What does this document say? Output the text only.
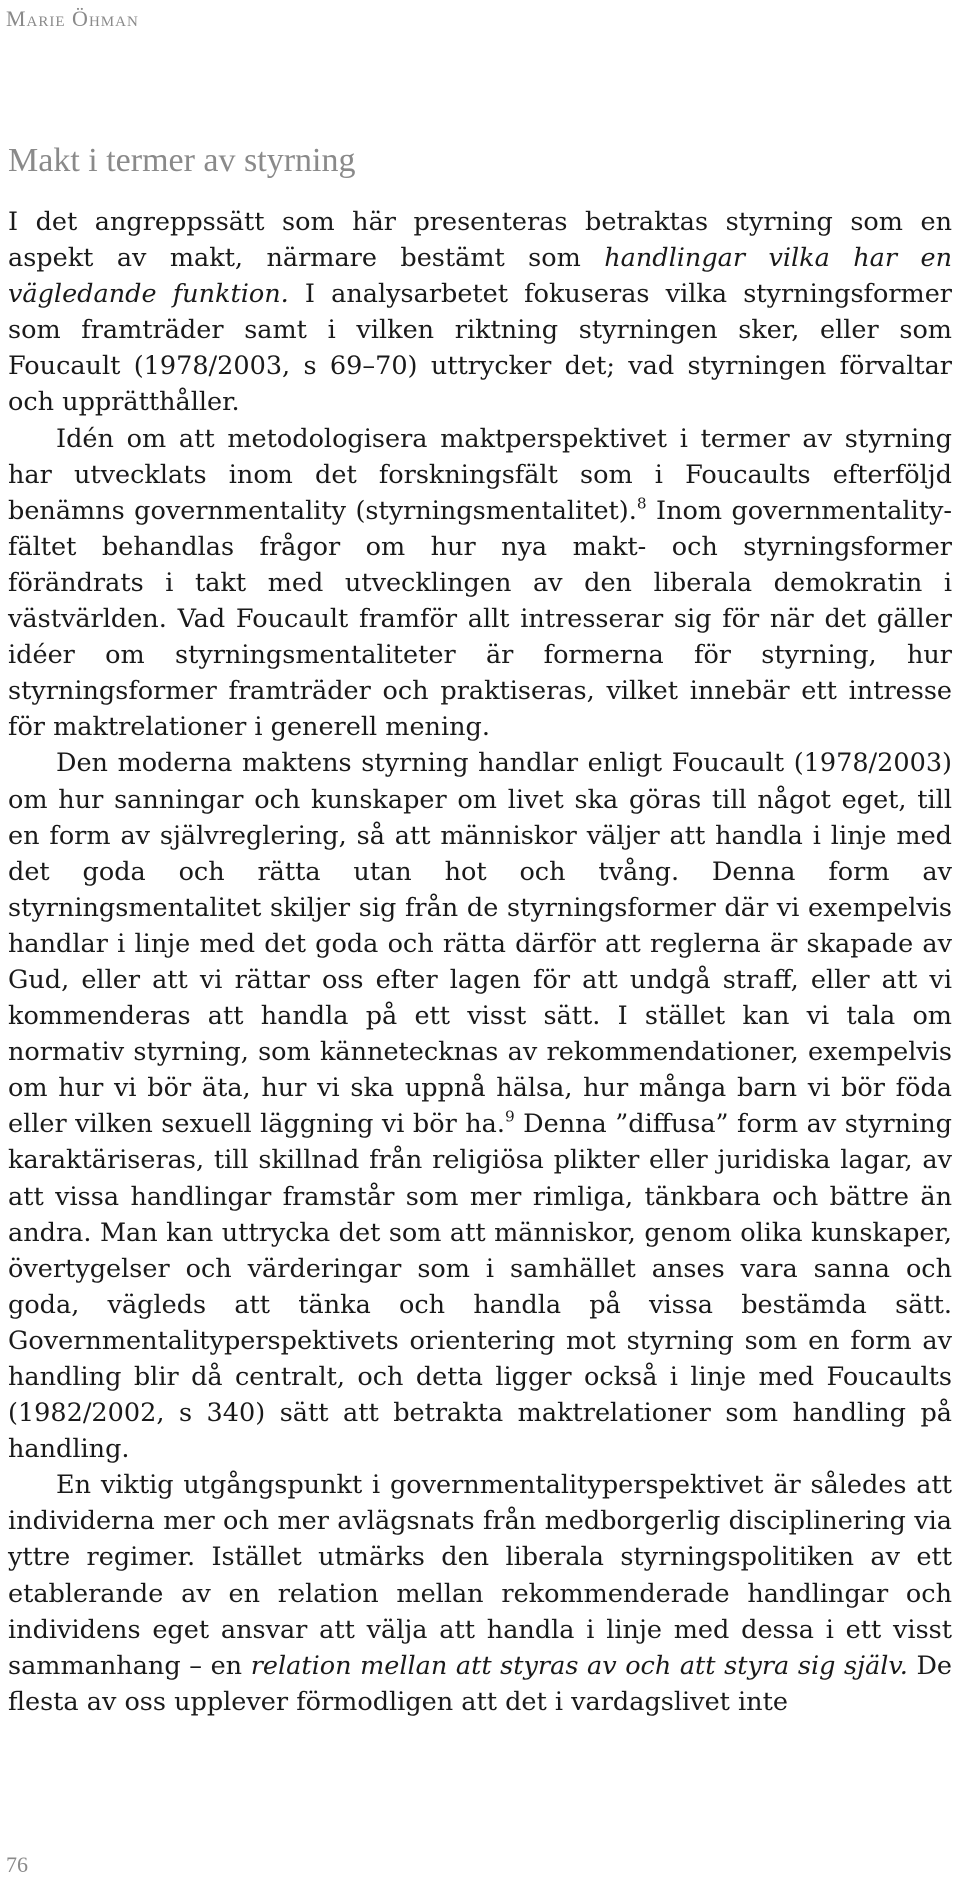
Marie Öhman
Makt i termer av styrning

I det angreppssätt som här presenteras betraktas styrning som en aspekt av makt, närmare bestämt som handlingar vilka har en vägledande funktion. I analysarbetet fokuseras vilka styrningsformer som framträder samt i vilken riktning styrningen sker, eller som Foucault (1978/2003, s 69–70) uttrycker det; vad styrningen förvaltar och upprätthåller.

Idén om att metodologisera maktperspektivet i termer av styrning har utvecklats inom det forskningsfält som i Foucaults efterföljd benämns governmentality (styrningsmentalitet).$^8$ Inom governmentality-fältet behandlas frågor om hur nya makt- och styrningsformer förändrats i takt med utvecklingen av den liberala demokratin i västvärlden. Vad Foucault framför allt intresserar sig för när det gäller idéer om styrningsmentaliteter är formerna för styrning, hur styrningsformer framträder och praktiseras, vilket innebär ett intresse för maktrelationer i generell mening.

Den moderna maktens styrning handlar enligt Foucault (1978/2003) om hur sanningar och kunskaper om livet ska göras till något eget, till en form av självreglering, så att människor väljer att handla i linje med det goda och rätta utan hot och tvång. Denna form av styrningsmentalitet skiljer sig från de styrningsformer där vi exempelvis handlar i linje med det goda och rätta därför att reglerna är skapade av Gud, eller att vi rättar oss efter lagen för att undgå straff, eller att vi kommenderas att handla på ett visst sätt. I stället kan vi tala om normativ styrning, som kännetecknas av rekommendationer, exempelvis om hur vi bör äta, hur vi ska uppnå hälsa, hur många barn vi bör föda eller vilken sexuell läggning vi bör ha.$^9$ Denna ”diffusa” form av styrning karaktäriseras, till skillnad från religiösa plikter eller juridiska lagar, av att vissa handlingar framstår som mer rimliga, tänkbara och bättre än andra. Man kan uttrycka det som att människor, genom olika kunskaper, övertygelser och värderingar som i samhället anses vara sanna och goda, vägleds att tänka och handla på vissa bestämda sätt. Governmentalityperspektivets orientering mot styrning som en form av handling blir då centralt, och detta ligger också i linje med Foucaults (1982/2002, s 340) sätt att betrakta maktrelationer som handling på handling.

En viktig utgångspunkt i governmentalityperspektivet är således att individerna mer och mer avlägsnats från medborgerlig disciplinering via yttre regimer. Istället utmärks den liberala styrningspolitiken av ett etablerande av en relation mellan rekommenderade handlingar och individens eget ansvar att välja att handla i linje med dessa i ett visst sammanhang – en relation mellan att styras av och att styra sig själv. De flesta av oss upplever förmodligen att det i vardagslivet inte

76
